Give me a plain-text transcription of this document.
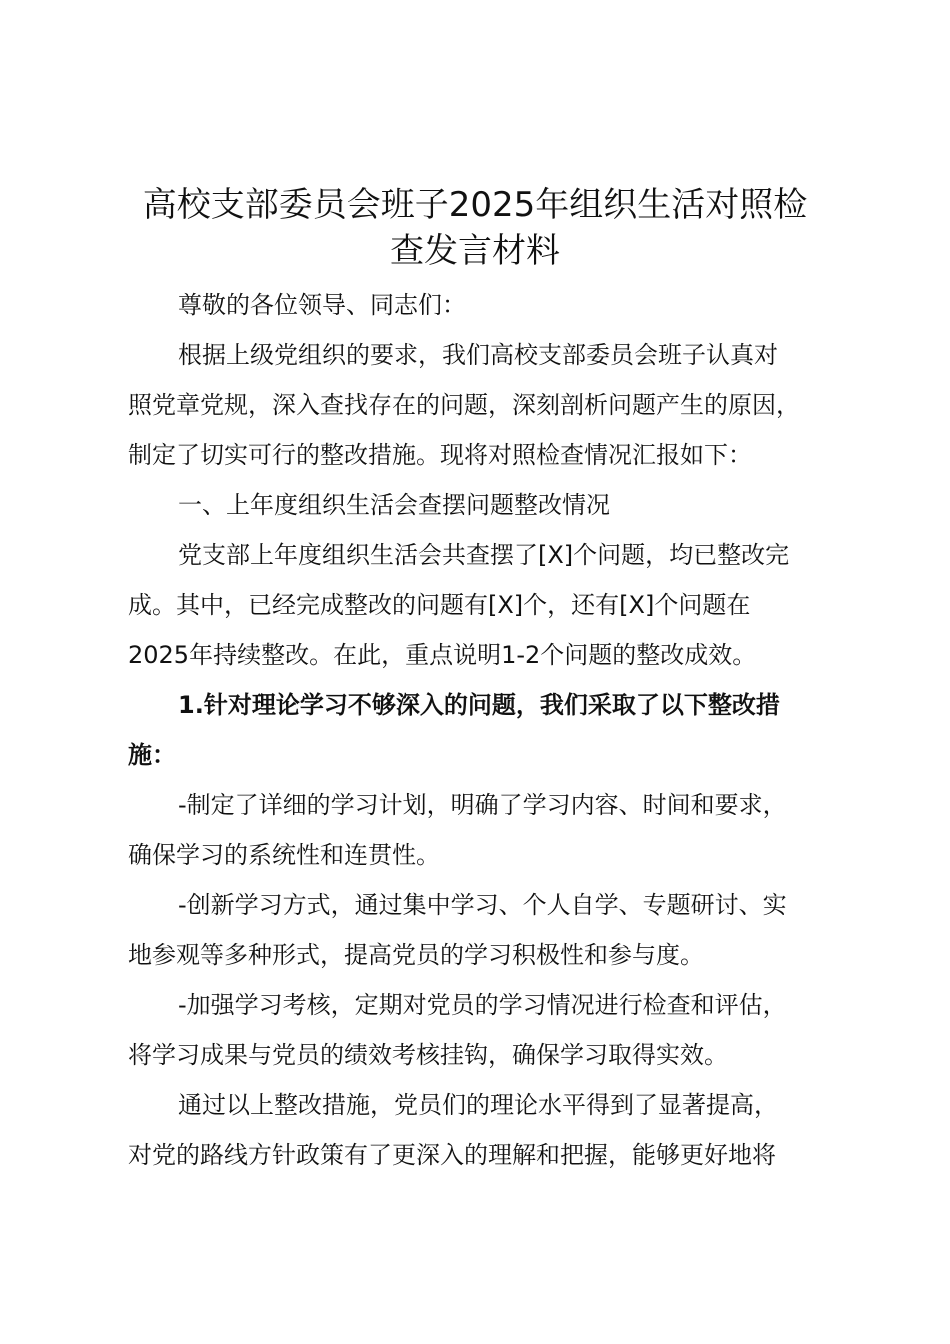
高校支部委员会班子2025年组织生活对照检
查发言材料
尊敬的各位领导、同志们：
根据上级党组织的要求，我们高校支部委员会班子认真对
照党章党规，深入查找存在的问题，深刻剖析问题产生的原因，
制定了切实可行的整改措施。现将对照检查情况汇报如下：
一、上年度组织生活会查摆问题整改情况
党支部上年度组织生活会共查摆了[X]个问题，均已整改完
成。其中，已经完成整改的问题有[X]个，还有[X]个问题在
2025年持续整改。在此，重点说明1-2个问题的整改成效。
1.针对理论学习不够深入的问题，我们采取了以下整改措
施：
-制定了详细的学习计划，明确了学习内容、时间和要求，
确保学习的系统性和连贯性。
-创新学习方式，通过集中学习、个人自学、专题研讨、实
地参观等多种形式，提高党员的学习积极性和参与度。
-加强学习考核，定期对党员的学习情况进行检查和评估，
将学习成果与党员的绩效考核挂钩，确保学习取得实效。
通过以上整改措施，党员们的理论水平得到了显著提高，
对党的路线方针政策有了更深入的理解和把握，能够更好地将
